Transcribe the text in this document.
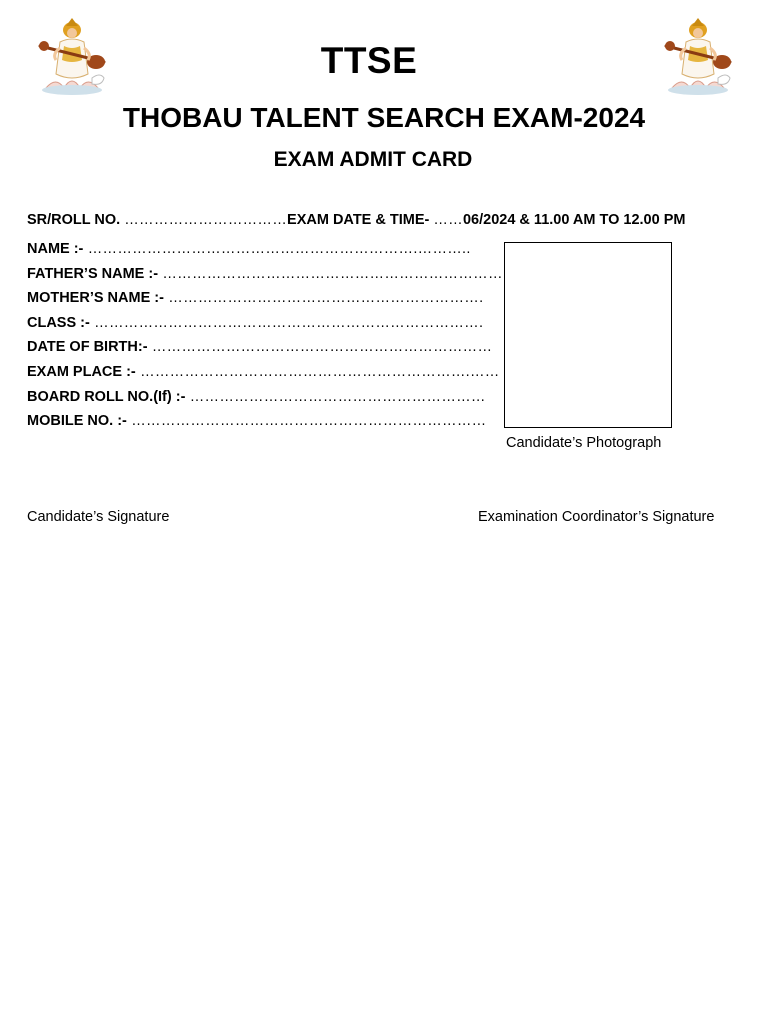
TTSE
THOBAU TALENT SEARCH EXAM-2024
EXAM ADMIT CARD
SR/ROLL NO. ……………………………EXAM DATE & TIME- ……06/2024 & 11.00 AM TO 12.00 PM
NAME :- ………………………………………………………….………..
FATHER’S NAME :- ……………………………………………………………
MOTHER’S NAME :- ……………………………………………………….
CLASS :- …………………………………………………………………….
DATE OF BIRTH:- ……………………………………………………………
EXAM PLACE :- ………………………………………………………….……
BOARD ROLL NO.(If) :- ……………………………………………………
MOBILE NO. :- ………………………………………………………………
Candidate’s Photograph
Candidate’s Signature	Examination Coordinator’s Signature
